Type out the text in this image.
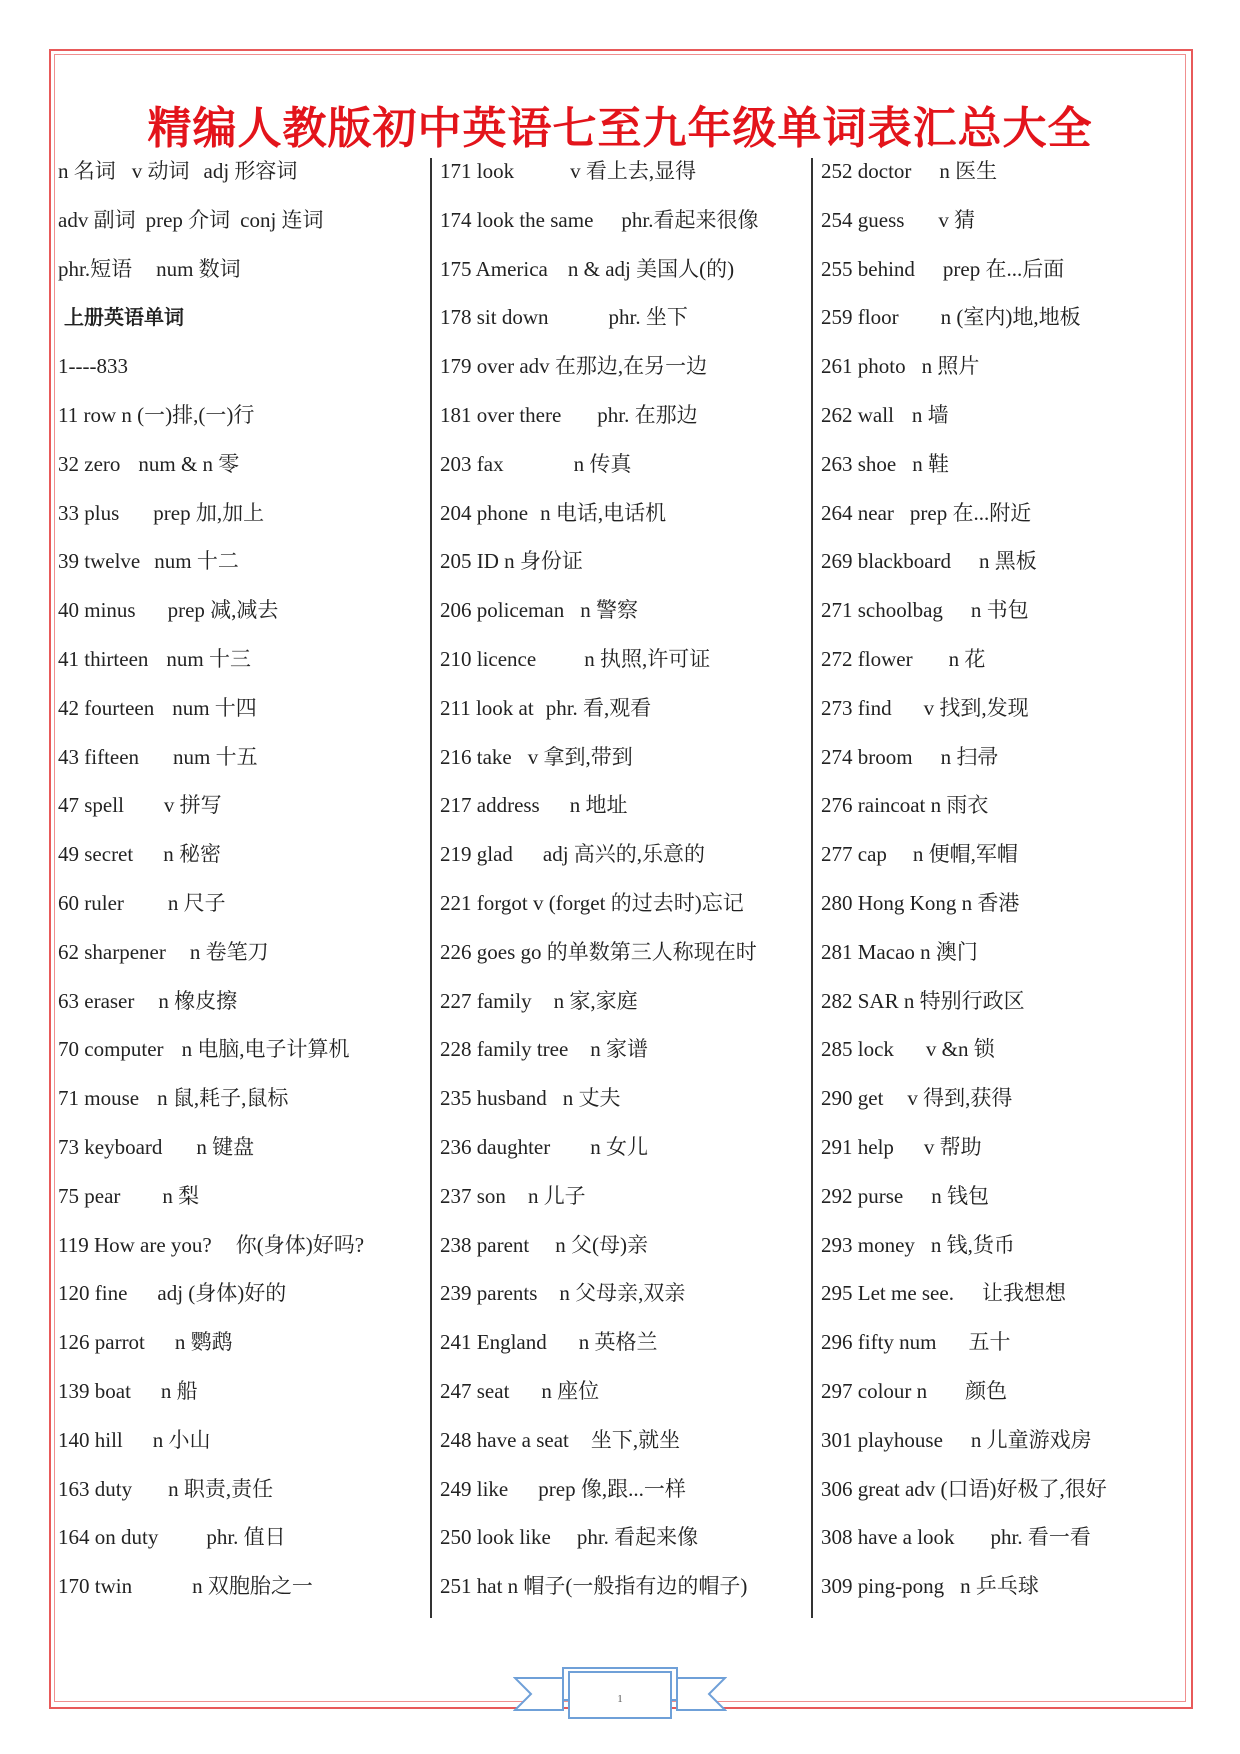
精编人教版初中英语七至九年级单词表汇总大全
n 名词 v 动词 adj 形容词
adv 副词 prep 介词 conj 连词
phr.短语 num 数词
上册英语单词
1----833
11 row n (一)排,(一)行
32 zero num & n 零
33 plus prep 加,加上
39 twelve num 十二
40 minus prep 减,减去
41 thirteen num 十三
42 fourteen num 十四
43 fifteen num 十五
47 spell v 拼写
49 secret n 秘密
60 ruler n 尺子
62 sharpener n 卷笔刀
63 eraser n 橡皮擦
70 computer n 电脑,电子计算机
71 mouse n 鼠,耗子,鼠标
73 keyboard n 键盘
75 pear n 梨
119 How are you? 你(身体)好吗?
120 fine adj (身体)好的
126 parrot n 鹦鹉
139 boat n 船
140 hill n 小山
163 duty n 职责,责任
164 on duty phr. 值日
170 twin	n 双胞胎之一
171 look	v 看上去,显得
174 look the same phr.看起来很像
175 America n & adj 美国人(的)
178 sit down	phr. 坐下
179 over adv 在那边,在另一边
181 over there phr. 在那边
203 fax	n 传真
204 phone n 电话,电话机
205 ID n 身份证
206 policeman n 警察
210 licence n 执照,许可证
211 look at phr. 看,观看
216 take v 拿到,带到
217 address n 地址
219 glad adj 高兴的,乐意的
221 forgot v (forget 的过去时)忘记
226 goes go 的单数第三人称现在时
227 family n 家,家庭
228 family tree n 家谱
235 husband n 丈夫
236 daughter n 女儿
237 son n 儿子
238 parent n 父(母)亲
239 parents n 父母亲,双亲
241 England n 英格兰
247 seat n 座位
248 have a seat 坐下,就坐
249 like prep 像,跟...一样
250 look like phr. 看起来像
251 hat n 帽子(一般指有边的帽子)
252 doctor n 医生
254 guess v 猜
255 behind prep 在...后面
259 floor n (室内)地,地板
261 photo n 照片
262 wall n 墙
263 shoe n 鞋
264 near prep 在...附近
269 blackboard n 黑板
271 schoolbag n 书包
272 flower n 花
273 find v 找到,发现
274 broom n 扫帚
276 raincoat n 雨衣
277 cap n 便帽,军帽
280 Hong Kong n 香港
281 Macao n 澳门
282 SAR n 特别行政区
285 lock v &n 锁
290 get v 得到,获得
291 help v 帮助
292 purse n 钱包
293 money n 钱,货币
295 Let me see. 让我想想
296 fifty num 五十
297 colour n 颜色
301 playhouse n 儿童游戏房
306 great adv (口语)好极了,很好
308 have a look phr. 看一看
309 ping-pong n 乒乓球
1
